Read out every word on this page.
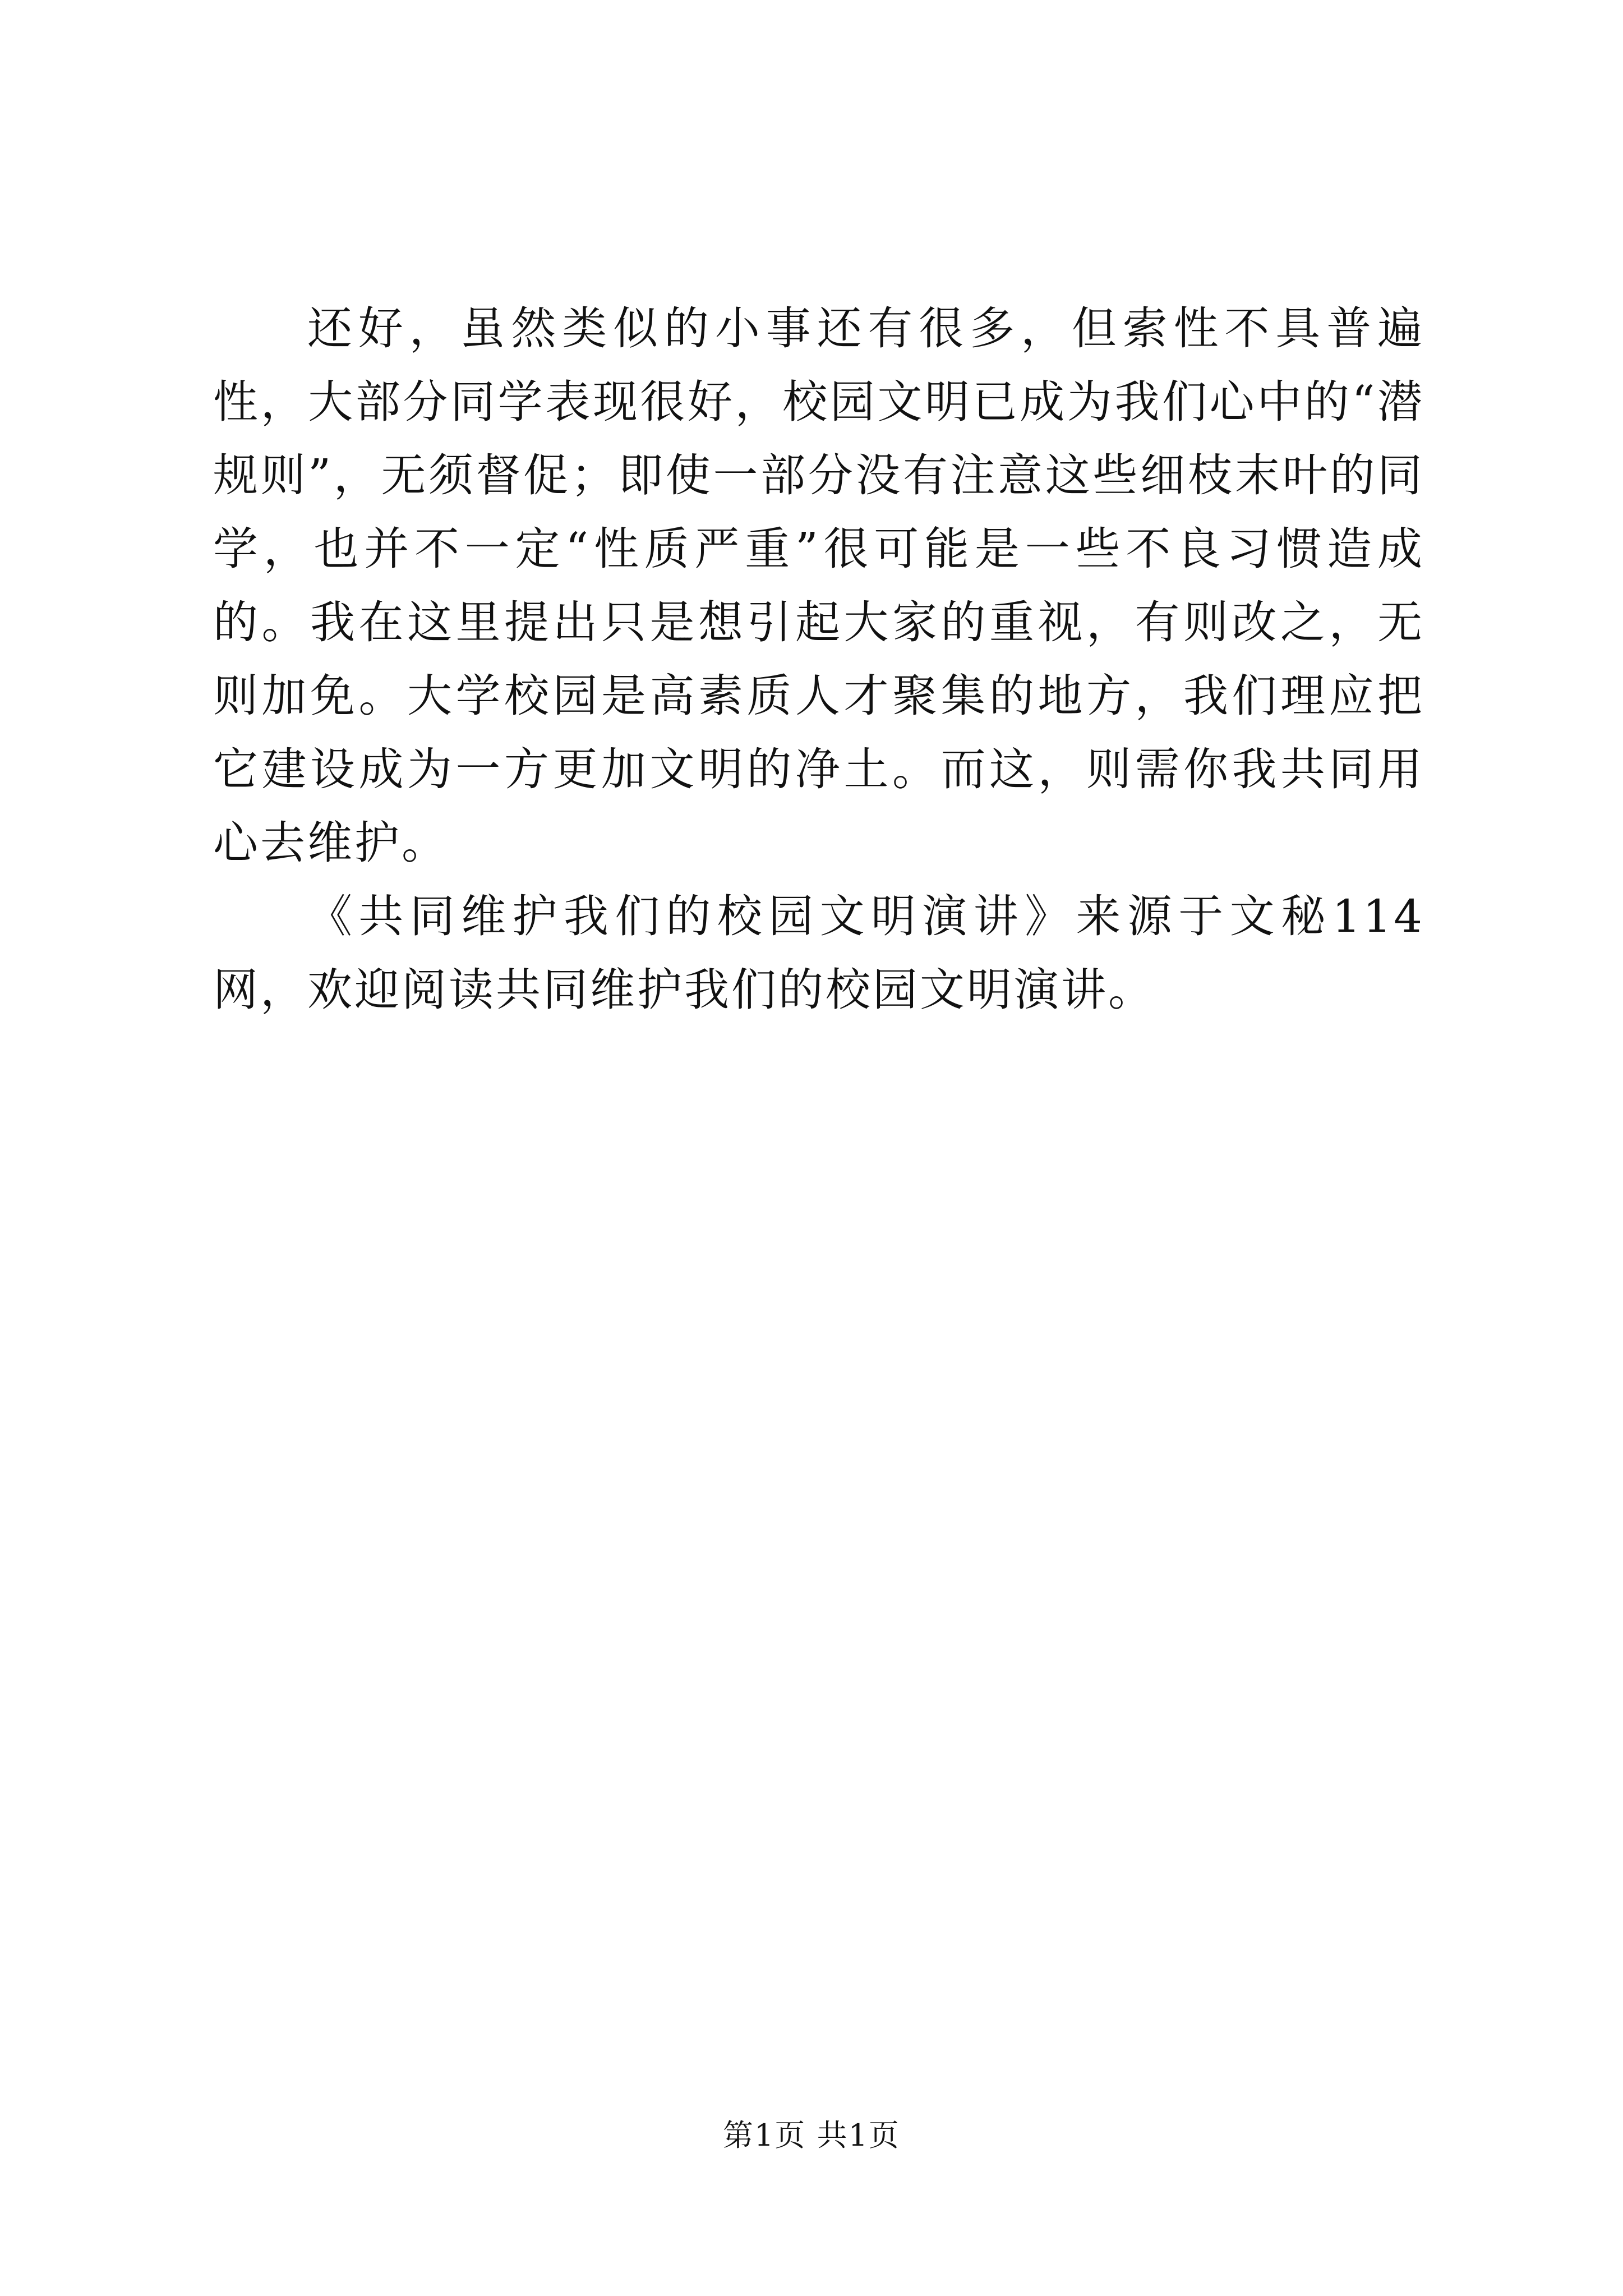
还好，虽然类似的小事还有很多，但索性不具普遍性，大部分同学表现很好，校园文明已成为我们心中的“潜规则”，无须督促；即使一部分没有注意这些细枝末叶的同学，也并不一定“性质严重”很可能是一些不良习惯造成的。我在这里提出只是想引起大家的重视，有则改之，无则加免。大学校园是高素质人才聚集的地方，我们理应把它建设成为一方更加文明的净土。而这，则需你我共同用心去维护。

《共同维护我们的校园文明演讲》来源于文秘114网，欢迎阅读共同维护我们的校园文明演讲。

第1页 共1页
